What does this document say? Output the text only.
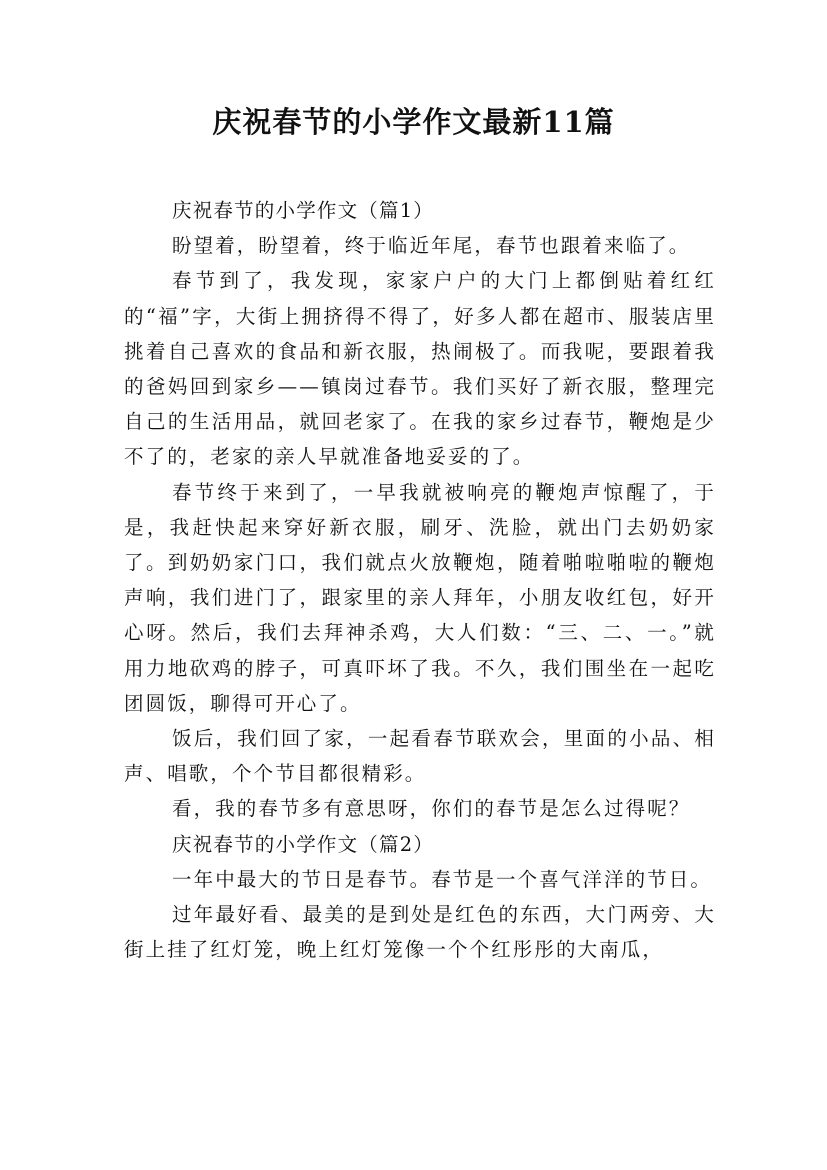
庆祝春节的小学作文最新11篇

庆祝春节的小学作文（篇1）

盼望着，盼望着，终于临近年尾，春节也跟着来临了。

春节到了，我发现，家家户户的大门上都倒贴着红红的“福”字，大街上拥挤得不得了，好多人都在超市、服装店里挑着自己喜欢的食品和新衣服，热闹极了。而我呢，要跟着我的爸妈回到家乡——镇岗过春节。我们买好了新衣服，整理完自己的生活用品，就回老家了。在我的家乡过春节，鞭炮是少不了的，老家的亲人早就准备地妥妥的了。

春节终于来到了，一早我就被响亮的鞭炮声惊醒了，于是，我赶快起来穿好新衣服，刷牙、洗脸，就出门去奶奶家了。到奶奶家门口，我们就点火放鞭炮，随着啪啦啪啦的鞭炮声响，我们进门了，跟家里的亲人拜年，小朋友收红包，好开心呀。然后，我们去拜神杀鸡，大人们数：“三、二、一。”就用力地砍鸡的脖子，可真吓坏了我。不久，我们围坐在一起吃团圆饭，聊得可开心了。

饭后，我们回了家，一起看春节联欢会，里面的小品、相声、唱歌，个个节目都很精彩。

看，我的春节多有意思呀，你们的春节是怎么过得呢？

庆祝春节的小学作文（篇2）

一年中最大的节日是春节。春节是一个喜气洋洋的节日。

过年最好看、最美的是到处是红色的东西，大门两旁、大街上挂了红灯笼，晚上红灯笼像一个个红彤彤的大南瓜，
